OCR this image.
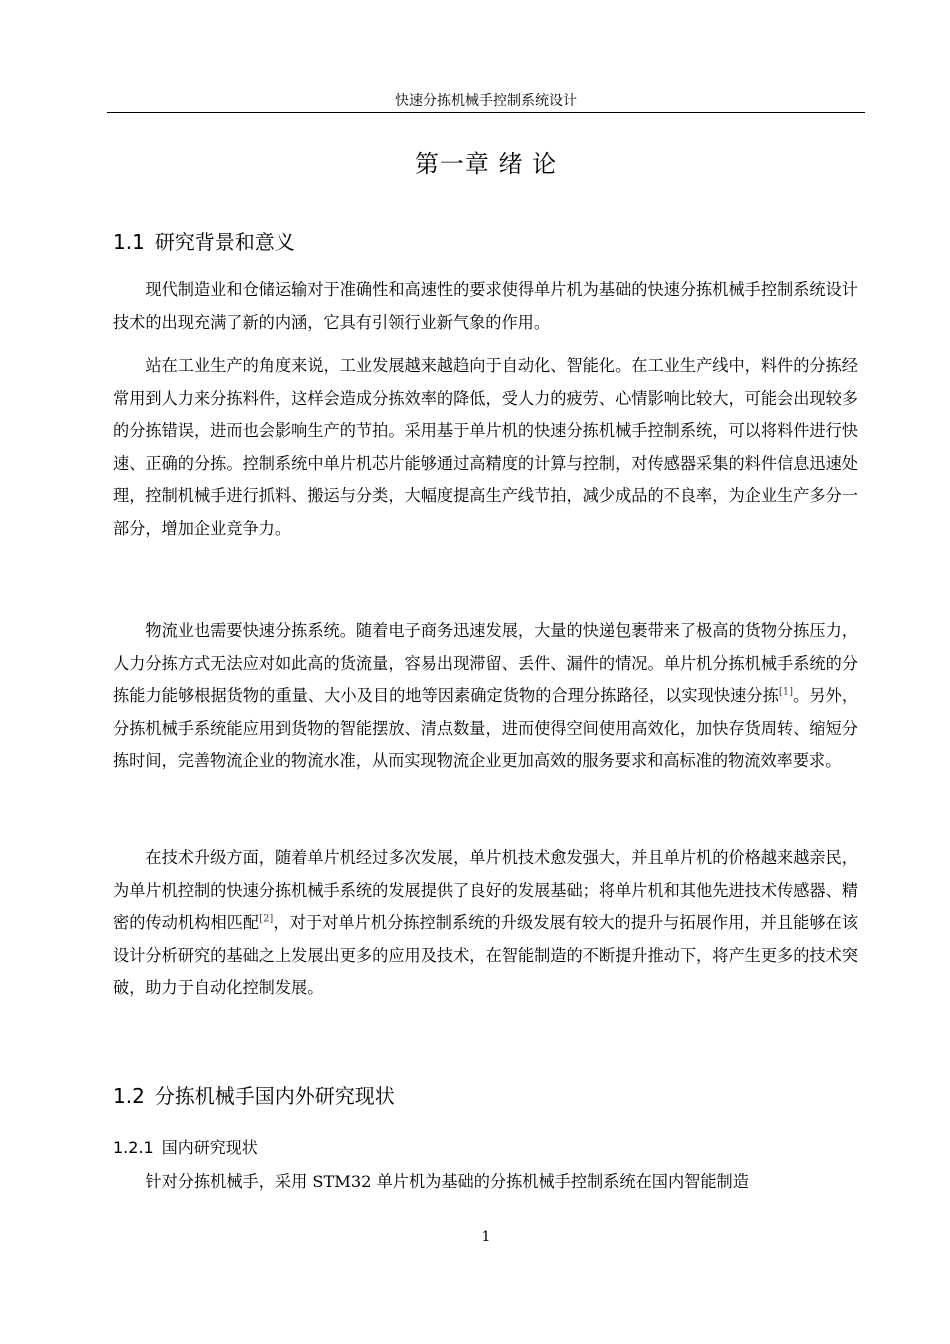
快速分拣机械手控制系统设计
第一章 绪 论
1.1 研究背景和意义

现代制造业和仓储运输对于准确性和高速性的要求使得单片机为基础的快速分拣机械手控制系统设计技术的出现充满了新的内涵，它具有引领行业新气象的作用。

站在工业生产的角度来说，工业发展越来越趋向于自动化、智能化。在工业生产线中，料件的分拣经常用到人力来分拣料件，这样会造成分拣效率的降低，受人力的疲劳、心情影响比较大，可能会出现较多的分拣错误，进而也会影响生产的节拍。采用基于单片机的快速分拣机械手控制系统，可以将料件进行快速、正确的分拣。控制系统中单片机芯片能够通过高精度的计算与控制，对传感器采集的料件信息迅速处理，控制机械手进行抓料、搬运与分类，大幅度提高生产线节拍，减少成品的不良率，为企业生产多分一部分，增加企业竞争力。

物流业也需要快速分拣系统。随着电子商务迅速发展，大量的快递包裹带来了极高的货物分拣压力，人力分拣方式无法应对如此高的货流量，容易出现滞留、丢件、漏件的情况。单片机分拣机械手系统的分拣能力能够根据货物的重量、大小及目的地等因素确定货物的合理分拣路径，以实现快速分拣[1]。另外，分拣机械手系统能应用到货物的智能摆放、清点数量，进而使得空间使用高效化，加快存货周转、缩短分拣时间，完善物流企业的物流水准，从而实现物流企业更加高效的服务要求和高标准的物流效率要求。

在技术升级方面，随着单片机经过多次发展，单片机技术愈发强大，并且单片机的价格越来越亲民，为单片机控制的快速分拣机械手系统的发展提供了良好的发展基础；将单片机和其他先进技术传感器、精密的传动机构相匹配[2]，对于对单片机分拣控制系统的升级发展有较大的提升与拓展作用，并且能够在该设计分析研究的基础之上发展出更多的应用及技术，在智能制造的不断提升推动下，将产生更多的技术突破，助力于自动化控制发展。

1.2 分拣机械手国内外研究现状
1.2.1 国内研究现状

针对分拣机械手，采用 STM32 单片机为基础的分拣机械手控制系统在国内智能制造

1
